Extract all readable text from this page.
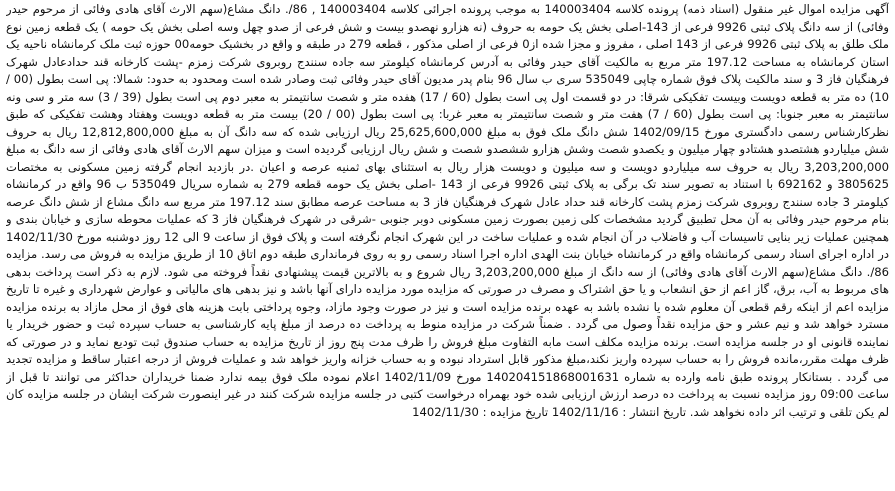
آگهی مزایده اموال غیر منقول (اسناد ذمه) پرونده کلاسه 140003404 به موجب پرونده اجرائی کلاسه 140003404 , 86/. دانگ مشاع(سهم الارث آقای هادی وفائی از مرحوم حیدر وفائی) از سه دانگ پلاک ثبتی 9926 فرعی از 143-اصلی بخش یک حومه به حروف (نه هزارو نهصدو بیست و شش فرعی از صدو چهل وسه اصلی بخش یک حومه ) یک قطعه زمین نوع ملک طلق به پلاک ثبتی 9926 فرعی از 143 اصلی ، مفروز و مجزا شده از0 فرعی از اصلی مذکور ، قطعه 279 در طبقه و واقع در بخشیک حومه00 حوزه ثبت ملک کرمانشاه ناحیه یک استان کرمانشاه به مساحت 197.12 متر مربع به مالکیت آقای حیدر وفائی به آدرس کرمانشاه کیلومتر سه جاده سنندج روبروی شرکت زمزم -پشت کارخانه قند حدادعادل شهرک فرهنگیان فاز 3 و سند مالکیت پلاک فوق شماره چاپی 535049 سری ب سال 96 بنام پدر مدیون آقای حیدر وفائی ثبت وصادر شده است ومحدود به حدود: شمالا: پی است بطول (00 / 10) ده متر به قطعه دویست وبیست تفکیکی شرقا: در دو قسمت اول پی است بطول (60 / 17) هفده متر و شصت سانتیمتر به معبر دوم پی است بطول (39 / 3) سه متر و سی ونه سانتیمتر به معبر جنوبا: پی است بطول (60 / 7) هفت متر و شصت سانتیمتر به معبر غربا: پی است بطول (00 / 20) بیست متر به قطعه دویست وهفتاد وهشت تفکیکی که طبق نظرکارشناس رسمی دادگستری مورخ 1402/09/15 شش دانگ ملک فوق به مبلغ 25,625,600,000 ریال ارزیابی شده که سه دانگ آن به مبلغ 12,812,800,000 ریال به حروف شش میلیاردو هشتصدو هشتادو چهار میلیون و یکصدو شصت وشش هزارو ششصدو شصت و شش ریال ارزیابی گردیده است و میزان سهم الارث آقای هادی وفائی از سه دانگ به مبلغ 3,203,200,000 ریال به حروف سه میلیاردو دویست و سه میلیون و دویست هزار ریال به استثنای بهای ثمنیه عرصه و اعیان .در بازدید انجام گرفته زمین مسکونی به مختصات 3805625 و 692162 با استناد به تصویر سند تک برگی به پلاک ثبتی 9926 فرعی از 143 -اصلی بخش یک حومه قطعه 279 به شماره سریال 535049 ب 96 واقع در کرمانشاه کیلومتر 3 جاده سنندج روبروی شرکت زمزم پشت کارخانه قند حداد عادل شهرک فرهنگیان فاز 3 به مساحت عرصه مطابق سند 197.12 متر مربع سه دانگ مشاع از شش دانگ عرصه بنام مرحوم حیدر وفائی به آن محل تطبیق گردید مشخصات کلی زمین بصورت زمین مسکونی دوبر جنوبی -شرقی در شهرک فرهنگیان فاز 3 که عملیات محوطه سازی و خیابان بندی و همچنین عملیات زیر بنایی تاسیسات آب و فاضلاب در آن انجام شده و عملیات ساخت در این شهرک انجام نگرفته است و پلاک فوق از ساعت 9 الی 12 روز دوشنبه مورخ 1402/11/30 در اداره اجرای اسناد رسمی کرمانشاه واقع در کرمانشاه خیابان بنت الهدی اداره اجرا اسناد رسمی رو به روی فرمانداری طبقه دوم اتاق 10 از طریق مزایده به فروش می رسد. مزایده 86/. دانگ مشاع(سهم الارث آقای هادی وفائی) از سه دانگ از مبلغ 3,203,200,000 ریال شروع و به بالاترین قیمت پیشنهادی نقداً فروخته می شود. لازم به ذکر است پرداخت بدهی های مربوط به آب، برق، گاز اعم از حق انشعاب و یا حق اشتراک و مصرف در صورتی که مزایده مورد مزایده دارای آنها باشد و نیز بدهی های مالیاتی و عوارض شهرداری و غیره تا تاریخ مزایده اعم از اینکه رقم قطعی آن معلوم شده یا نشده باشد به عهده برنده مزایده است و نیز در صورت وجود مازاد، وجوه پرداختی بابت هزینه های فوق از محل مازاد به برنده مزایده مسترد خواهد شد و نیم عشر و حق مزایده نقداً وصول می گردد . ضمناً شرکت در مزایده منوط به پرداخت ده درصد از مبلغ پایه کارشناسی به حساب سپرده ثبت و حضور خریدار یا نماینده قانونی او در جلسه مزایده است. برنده مزایده مکلف است مابه التفاوت مبلغ فروش را ظرف مدت پنج روز از تاریخ مزایده به حساب صندوق ثبت تودیع نماید و در صورتی که ظرف مهلت مقرر،مانده فروش را به حساب سپرده واریز نکند،مبلغ مذکور قابل استرداد نبوده و به حساب خزانه واریز خواهد شد و عملیات فروش از درجه اعتبار ساقط و مزایده تجدید می گردد . بستانکار پرونده طبق نامه وارده به شماره 140204151868001631 مورخ 1402/11/09 اعلام نموده ملک فوق بیمه ندارد ضمنا خریداران حداکثر می توانند تا قبل از ساعت 09:00 روز مزایده نسبت به پرداخت ده درصد ارزش ارزیابی شده خود بهمراه درخواست کتبی در جلسه مزایده شرکت کنند در غیر اینصورت شرکت ایشان در جلسه مزایده کان لم یکن تلقی و ترتیب اثر داده نخواهد شد. تاریخ انتشار : 1402/11/16 تاریخ مزایده : 1402/11/30
